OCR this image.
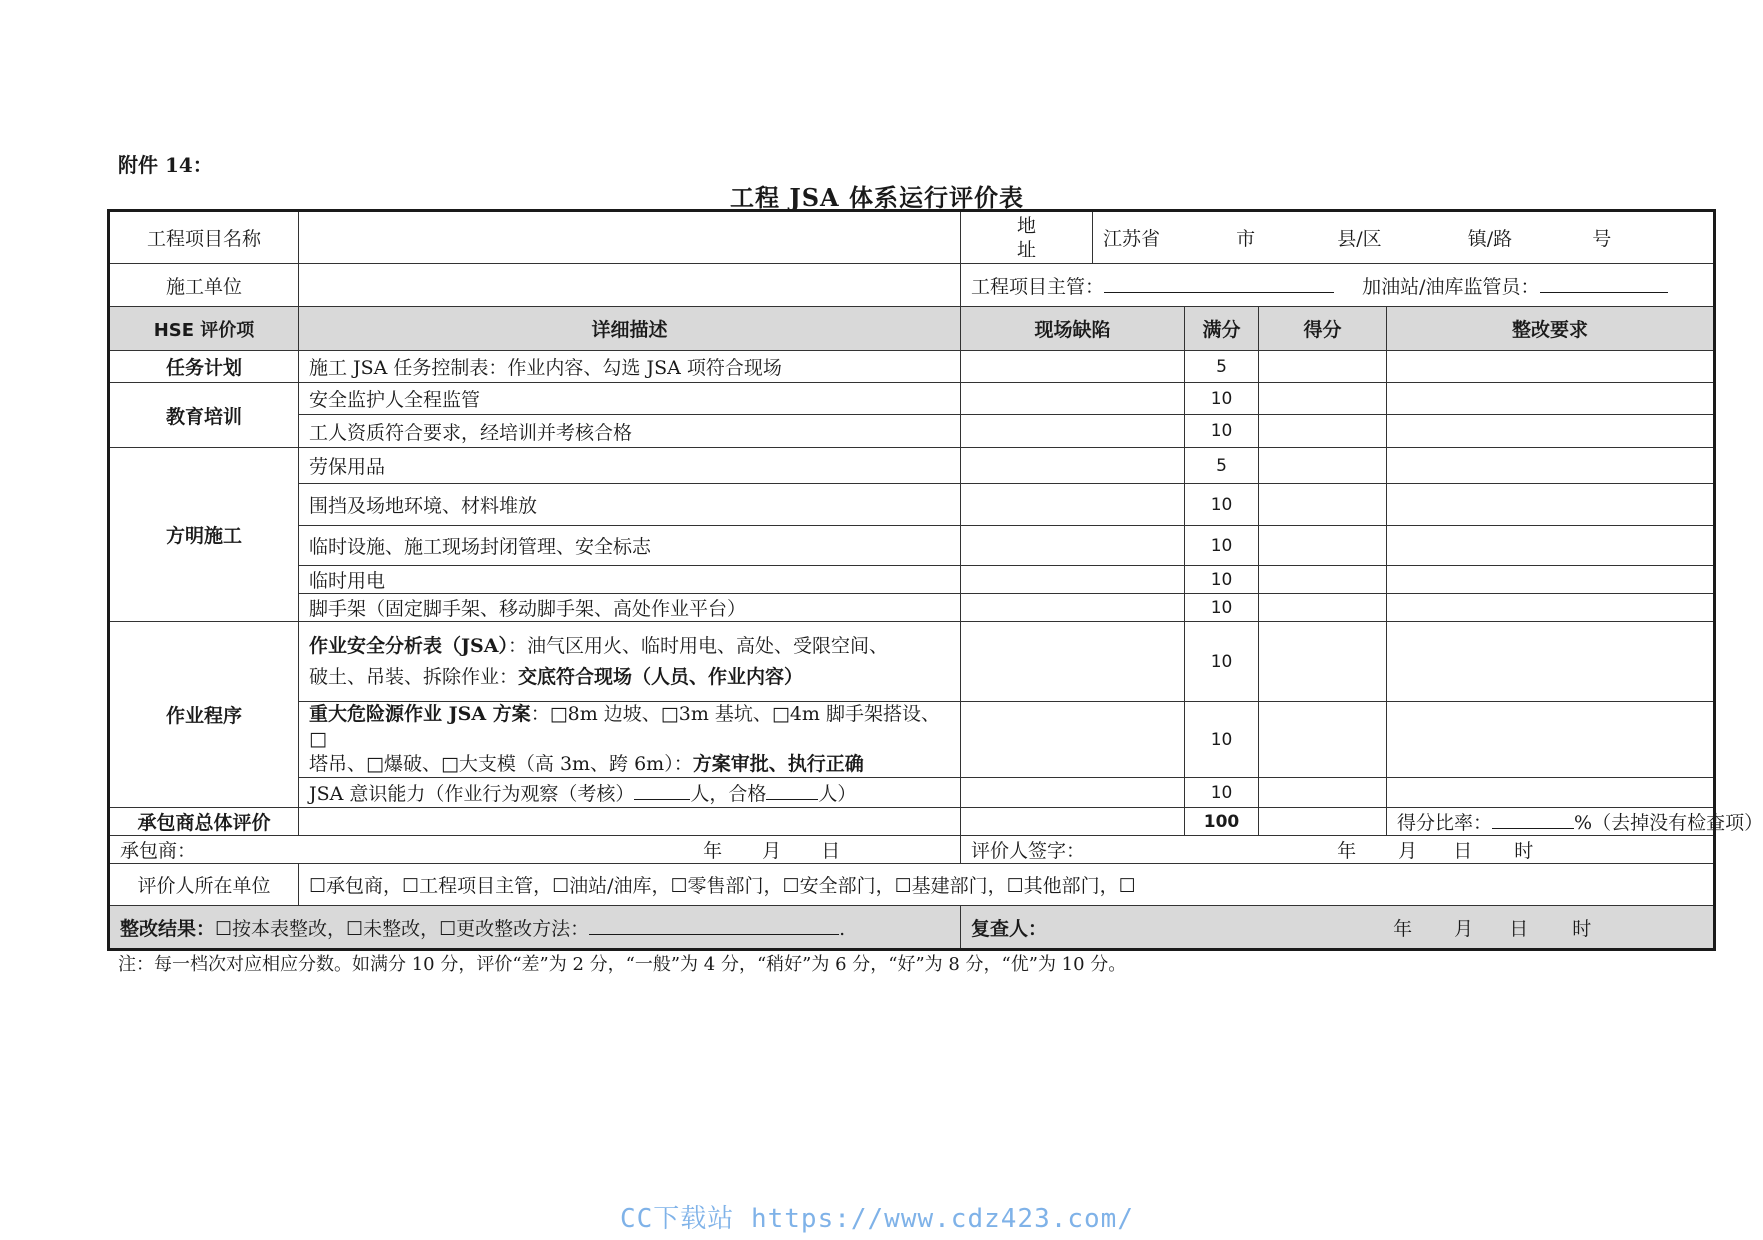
附件 14：
工程 JSA 体系运行评价表
工程项目名称		地
址	江苏省 市 县/区 镇/路 号			
施工单位		工程项目主管： 加油站/油库监管员：				
HSE 评价项	详细描述	现场缺陷		满分	得分	整改要求
任务计划	施工 JSA 任务控制表：作业内容、勾选 JSA 项符合现场			5		
教育培训	安全监护人全程监管			10		
	工人资质符合要求，经培训并考核合格			10		
方明施工	劳保用品			5		
	围挡及场地环境、材料堆放			10		
	临时设施、施工现场封闭管理、安全标志			10		
	临时用电			10		
	脚手架（固定脚手架、移动脚手架、高处作业平台）			10		
作业程序	作业安全分析表（JSA）：油气区用火、临时用电、高处、受限空间、
破土、吊装、拆除作业：交底符合现场（人员、作业内容）			10		
	重大危险源作业 JSA 方案：□8m 边坡、□3m 基坑、□4m 脚手架搭设、□
塔吊、□爆破、□大支模（高 3m、跨 6m）：方案审批、执行正确			10		
	JSA 意识能力（作业行为观察（考核） 人，合格 人）			10		
承包商总体评价				100		得分比率： %（去掉没有检查项）
承包商： 年 月 日		评价人签字： 年 月 日 时				
评价人所在单位	☐承包商，☐工程项目主管，☐油站/油库，☐零售部门，☐安全部门，☐基建部门，☐其他部门，☐					
整改结果：☐按本表整改，☐未整改，☐更改整改方法： .		复查人： 年 月 日 时				
注：每一档次对应相应分数。如满分 10 分，评价“差”为 2 分，“一般”为 4 分，“稍好”为 6 分，“好”为 8 分，“优”为 10 分。
CC下载站 https://www.cdz423.com/
